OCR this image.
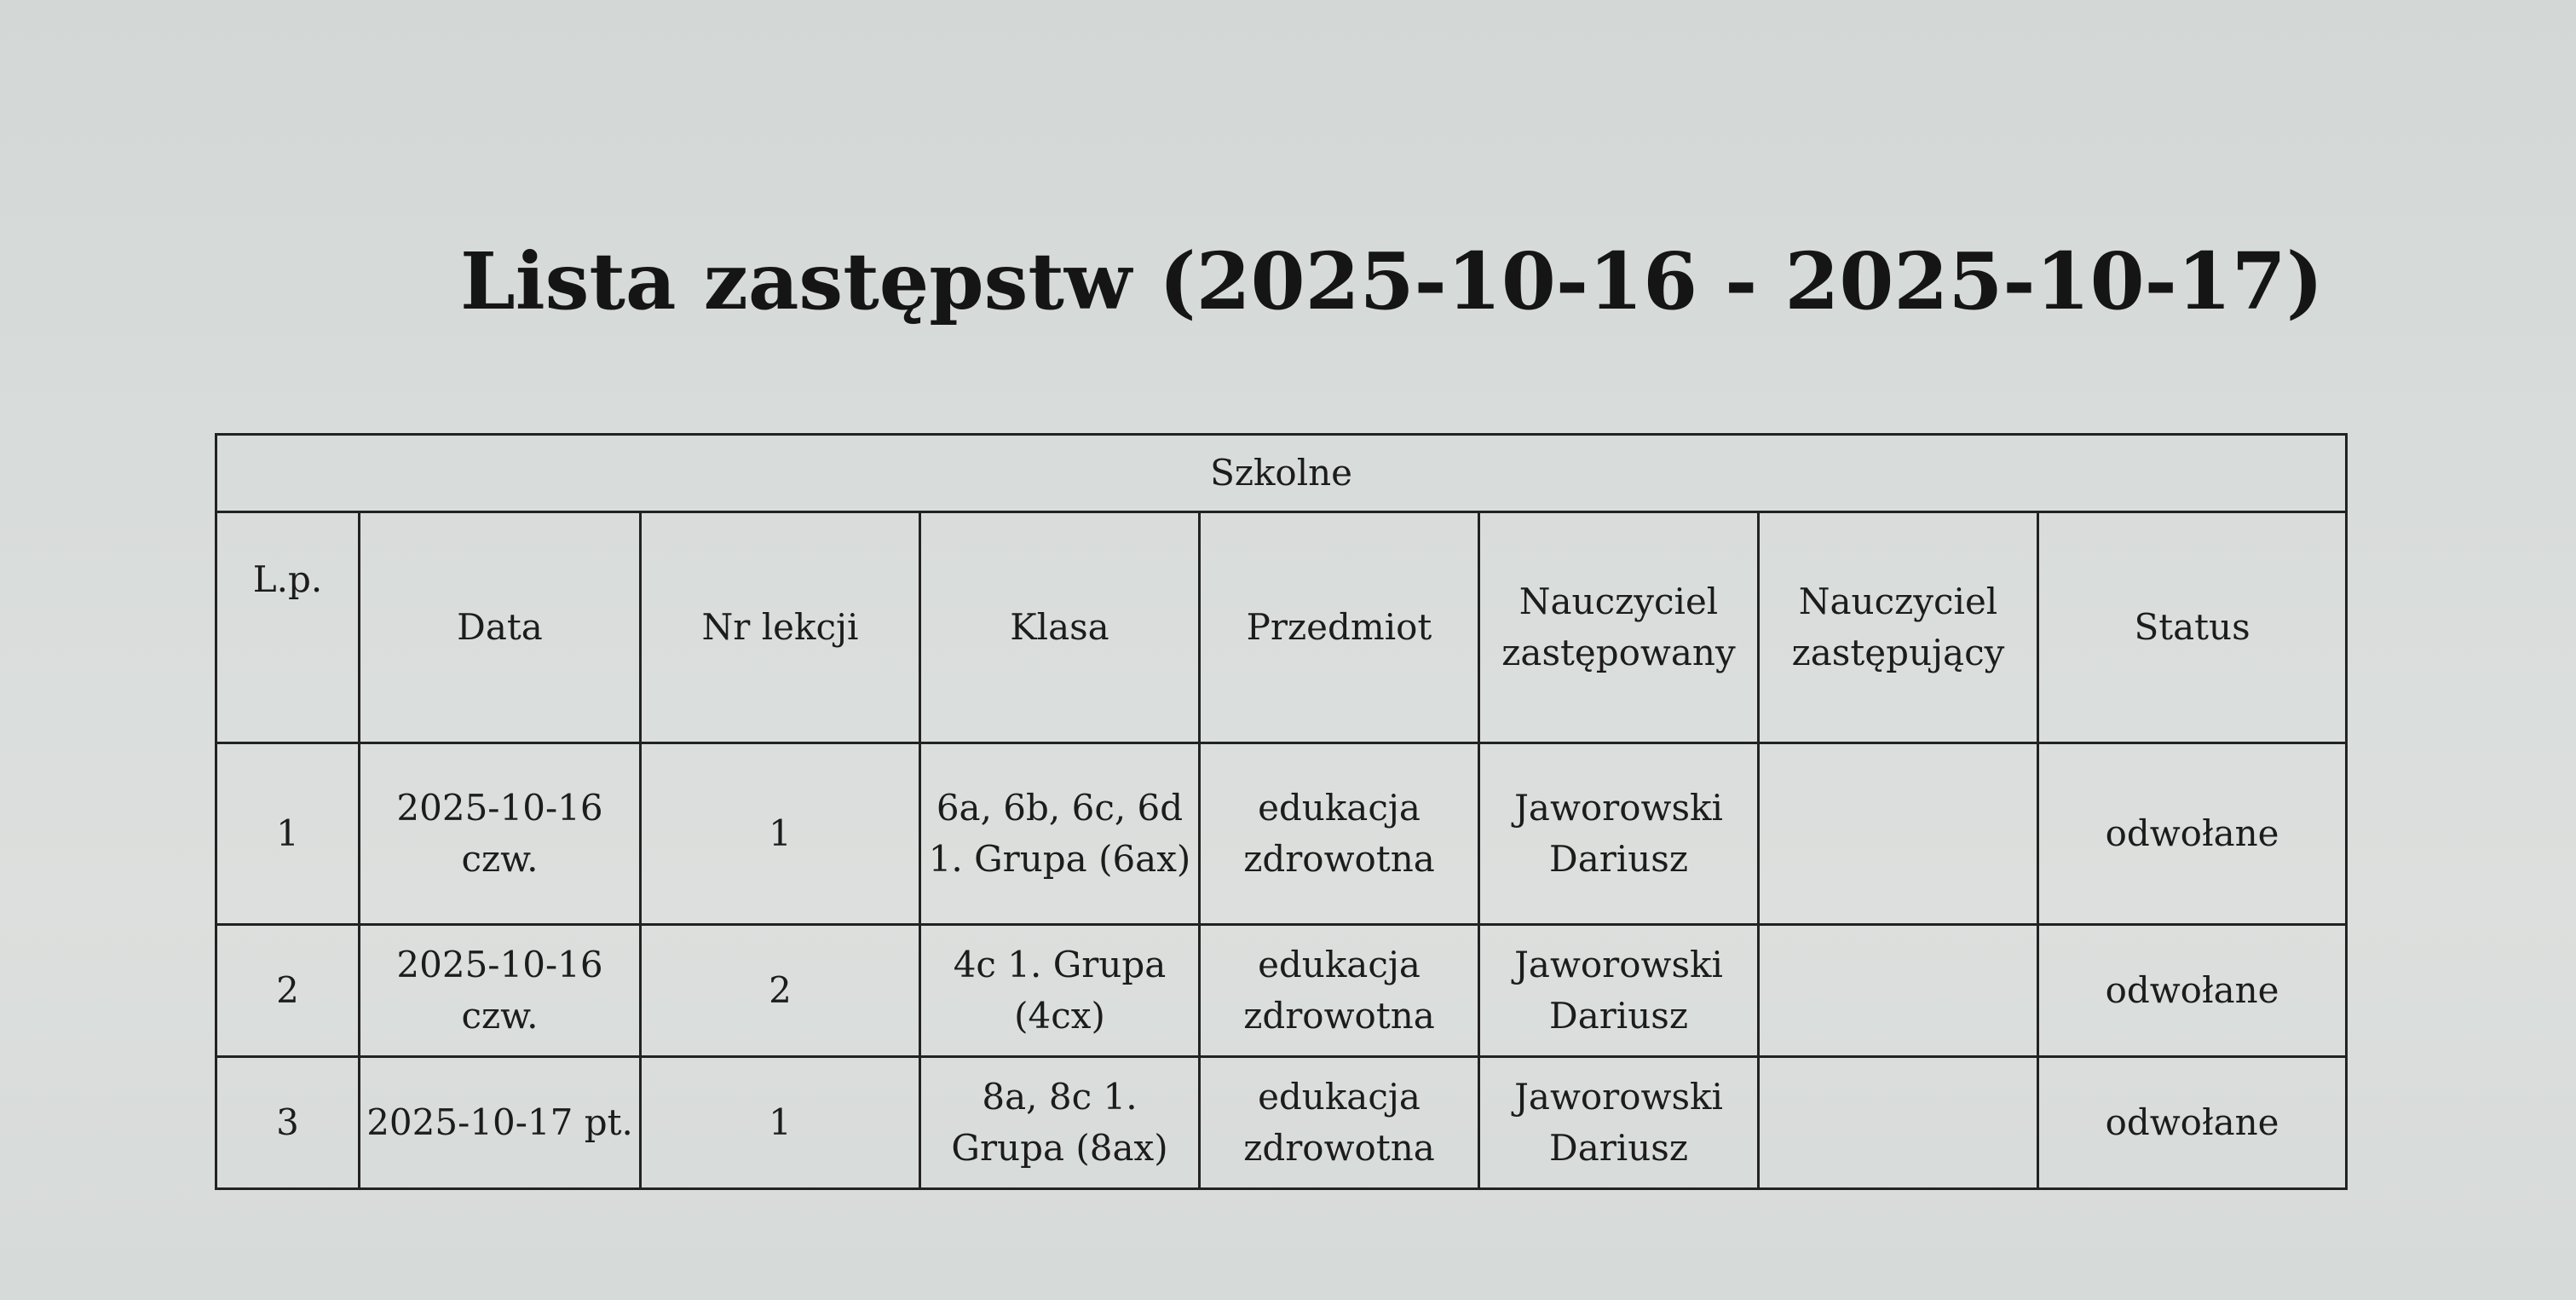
Lista zastępstw (2025-10-16 - 2025-10-17)
Szkolne							
L.p.	Data	Nr lekcji	Klasa	Przedmiot	Nauczyciel zastępowany	Nauczyciel zastępujący	Status
1	2025-10-16 czw.	1	6a, 6b, 6c, 6d 1. Grupa (6ax)	edukacja zdrowotna	Jaworowski Dariusz		odwołane
2	2025-10-16 czw.	2	4c 1. Grupa (4cx)	edukacja zdrowotna	Jaworowski Dariusz		odwołane
3	2025-10-17 pt.	1	8a, 8c 1. Grupa (8ax)	edukacja zdrowotna	Jaworowski Dariusz		odwołane
